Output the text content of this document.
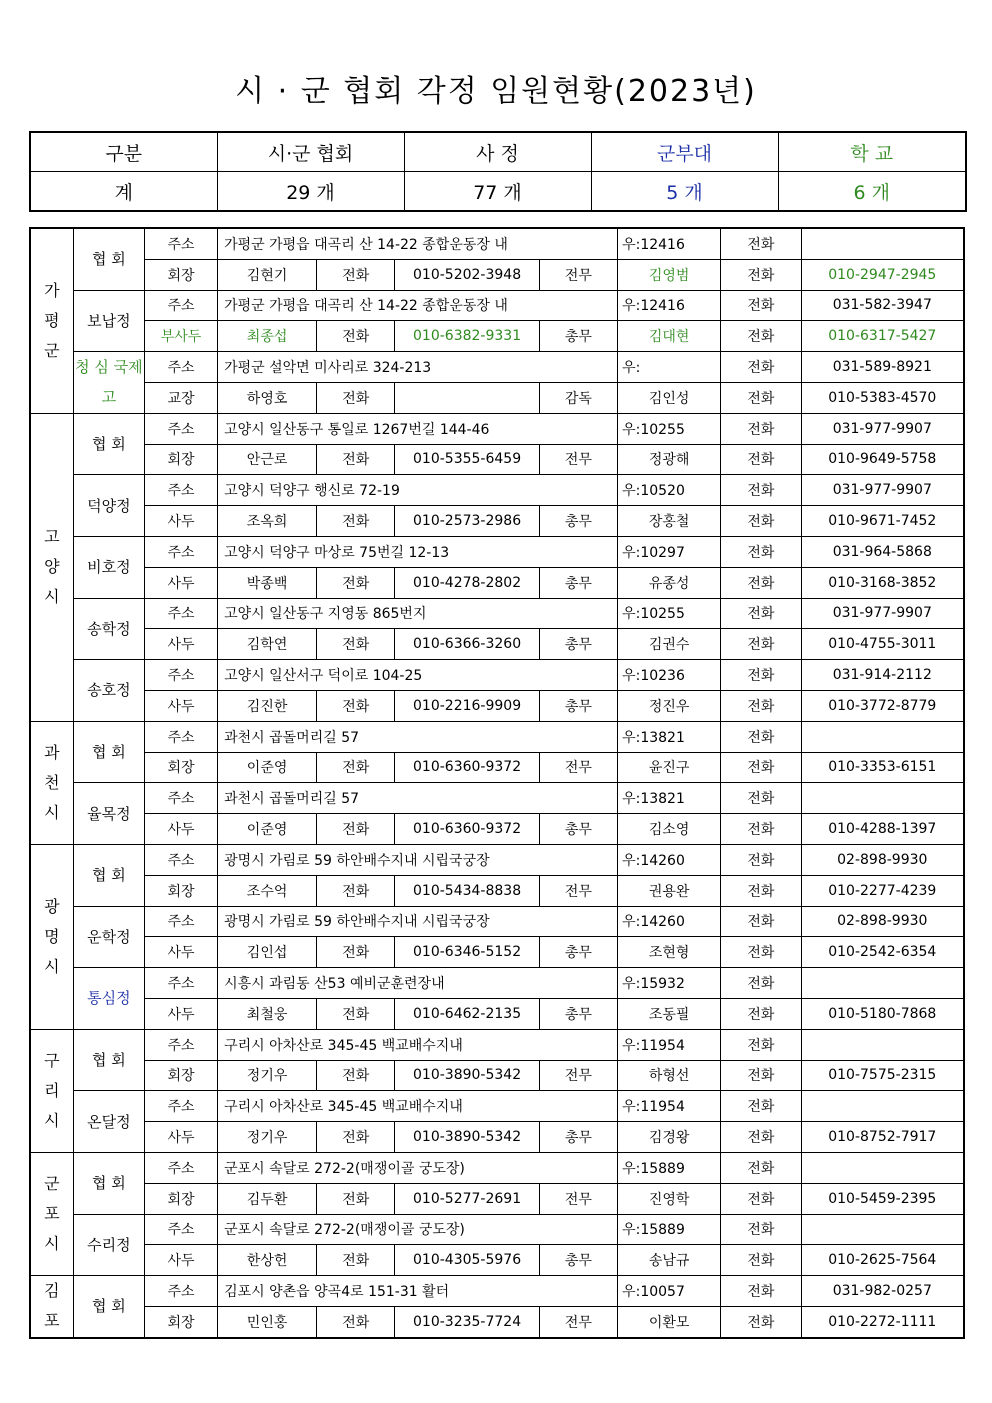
시 · 군 협회 각정 임원현황(2023년)
구분	시·군 협회	사 정	군부대	학 교
계	29 개	77 개	5 개	6 개
가
평
군	협 회	주소	가평군 가평읍 대곡리 산 14-22 종합운동장 내				우:12416	전화	
		회장	김현기	전화	010-5202-3948	전무	김영범	전화	010-2947-2945
	보납정	주소	가평군 가평읍 대곡리 산 14-22 종합운동장 내				우:12416	전화	031-582-3947
		부사두	최종섭	전화	010-6382-9331	총무	김대현	전화	010-6317-5427
	청 심 국제고	주소	가평군 설악면 미사리로 324-213				우:	전화	031-589-8921
		교장	하영호	전화		감독	김인성	전화	010-5383-4570
고
양
시	협 회	주소	고양시 일산동구 통일로 1267번길 144-46				우:10255	전화	031-977-9907
		회장	안근로	전화	010-5355-6459	전무	정광해	전화	010-9649-5758
	덕양정	주소	고양시 덕양구 행신로 72-19				우:10520	전화	031-977-9907
		사두	조옥희	전화	010-2573-2986	총무	장홍철	전화	010-9671-7452
	비호정	주소	고양시 덕양구 마상로 75번길 12-13				우:10297	전화	031-964-5868
		사두	박종백	전화	010-4278-2802	총무	유종성	전화	010-3168-3852
	송학정	주소	고양시 일산동구 지영동 865번지				우:10255	전화	031-977-9907
		사두	김학연	전화	010-6366-3260	총무	김권수	전화	010-4755-3011
	송호정	주소	고양시 일산서구 덕이로 104-25				우:10236	전화	031-914-2112
		사두	김진한	전화	010-2216-9909	총무	정진우	전화	010-3772-8779
과
천
시	협 회	주소	과천시 곱돌머리길 57				우:13821	전화	
		회장	이준영	전화	010-6360-9372	전무	윤진구	전화	010-3353-6151
	율목정	주소	과천시 곱돌머리길 57				우:13821	전화	
		사두	이준영	전화	010-6360-9372	총무	김소영	전화	010-4288-1397
광
명
시	협 회	주소	광명시 가림로 59 하안배수지내 시립국궁장				우:14260	전화	02-898-9930
		회장	조수억	전화	010-5434-8838	전무	권용완	전화	010-2277-4239
	운학정	주소	광명시 가림로 59 하안배수지내 시립국궁장				우:14260	전화	02-898-9930
		사두	김인섭	전화	010-6346-5152	총무	조현형	전화	010-2542-6354
	통심정	주소	시흥시 과림동 산53 예비군훈련장내				우:15932	전화	
		사두	최철웅	전화	010-6462-2135	총무	조동필	전화	010-5180-7868
구
리
시	협 회	주소	구리시 아차산로 345-45 백교배수지내				우:11954	전화	
		회장	정기우	전화	010-3890-5342	전무	하형선	전화	010-7575-2315
	온달정	주소	구리시 아차산로 345-45 백교배수지내				우:11954	전화	
		사두	정기우	전화	010-3890-5342	총무	김경왕	전화	010-8752-7917
군
포
시	협 회	주소	군포시 속달로 272-2(매쟁이골 궁도장)				우:15889	전화	
		회장	김두환	전화	010-5277-2691	전무	진영학	전화	010-5459-2395
	수리정	주소	군포시 속달로 272-2(매쟁이골 궁도장)				우:15889	전화	
		사두	한상헌	전화	010-4305-5976	총무	송남규	전화	010-2625-7564
김
포	협 회	주소	김포시 양촌읍 양곡4로 151-31 활터				우:10057	전화	031-982-0257
		회장	민인홍	전화	010-3235-7724	전무	이환모	전화	010-2272-1111
